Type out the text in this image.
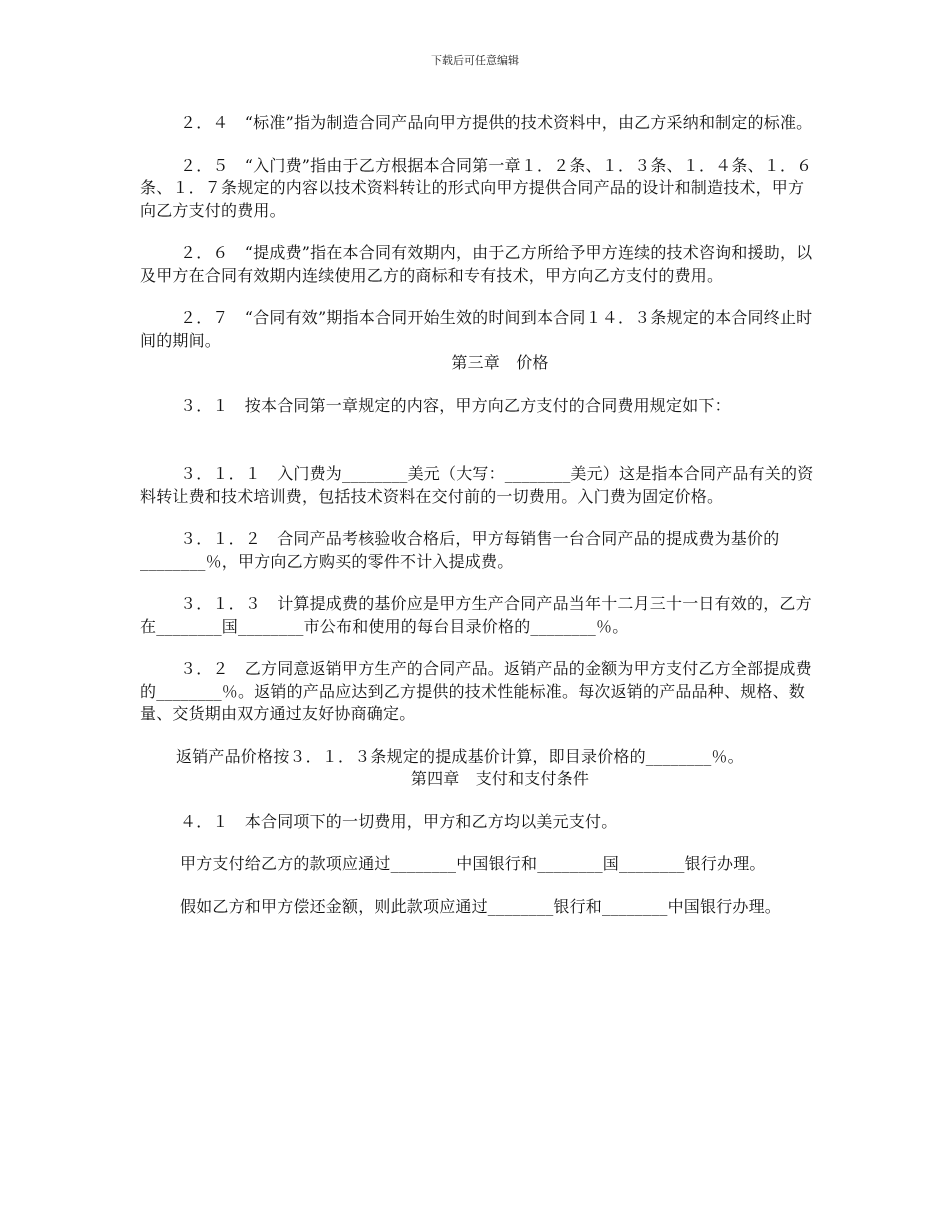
下载后可任意编辑

２．４　“标准”指为制造合同产品向甲方提供的技术资料中，由乙方采纳和制定的标准。

２．５　“入门费”指由于乙方根据本合同第一章１．２条、１．３条、１．４条、１．６条、１．７条规定的内容以技术资料转让的形式向甲方提供合同产品的设计和制造技术，甲方向乙方支付的费用。

２．６　“提成费”指在本合同有效期内，由于乙方所给予甲方连续的技术咨询和援助，以及甲方在合同有效期内连续使用乙方的商标和专有技术，甲方向乙方支付的费用。

２．７　“合同有效”期指本合同开始生效的时间到本合同１４．３条规定的本合同终止时间的期间。

第三章　价格

３．１　按本合同第一章规定的内容，甲方向乙方支付的合同费用规定如下：

３．１．１　入门费为________美元（大写：________美元）这是指本合同产品有关的资料转让费和技术培训费，包括技术资料在交付前的一切费用。入门费为固定价格。

３．１．２　合同产品考核验收合格后，甲方每销售一台合同产品的提成费为基价的________％，甲方向乙方购买的零件不计入提成费。

３．１．３　计算提成费的基价应是甲方生产合同产品当年十二月三十一日有效的，乙方在________国________市公布和使用的每台目录价格的________％。

３．２　乙方同意返销甲方生产的合同产品。返销产品的金额为甲方支付乙方全部提成费的________％。返销的产品应达到乙方提供的技术性能标准。每次返销的产品品种、规格、数量、交货期由双方通过友好协商确定。

返销产品价格按３．１．３条规定的提成基价计算，即目录价格的________％。

第四章　支付和支付条件

４．１　本合同项下的一切费用，甲方和乙方均以美元支付。

甲方支付给乙方的款项应通过________中国银行和________国________银行办理。

假如乙方和甲方偿还金额，则此款项应通过________银行和________中国银行办理。
